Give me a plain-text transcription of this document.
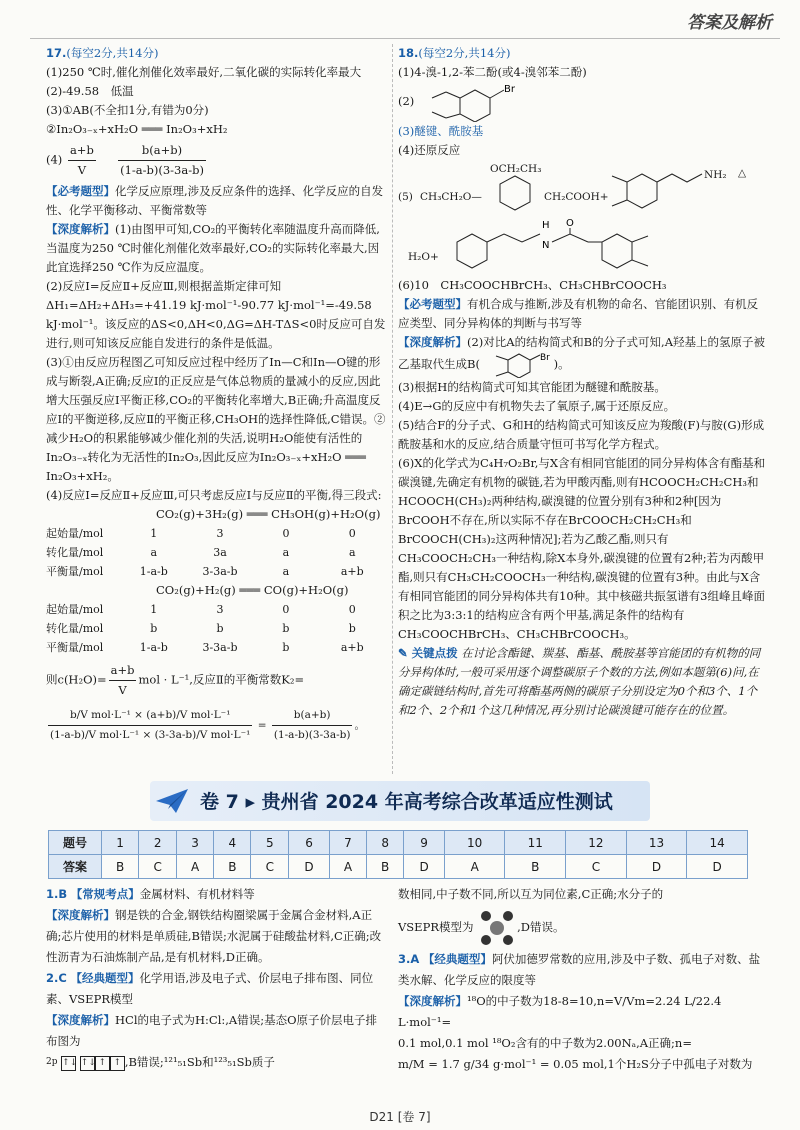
答案及解析

17.(每空2分,共14分)

(1)250 ℃时,催化剂催化效率最好,二氧化碳的实际转化率最大

(2)-49.58　低温

(3)①AB(不全扣1分,有错为0分)

②In₂O₃₋ₓ+xH₂O ═══ In₂O₃+xH₂

$(4) \frac{a+b}{V}$
$\frac{b(a+b)}{(1-a-b)(3-3a-b)}$

【必考题型】化学反应原理,涉及反应条件的选择、化学反应的自发性、化学平衡移动、平衡常数等

【深度解析】(1)由图甲可知,CO₂的平衡转化率随温度升高而降低,当温度为250 ℃时催化剂催化效率最好,CO₂的实际转化率最大,因此宜选择250 ℃作为反应温度。

(2)反应Ⅰ=反应Ⅱ+反应Ⅲ,则根据盖斯定律可知ΔH₁=ΔH₂+ΔH₃=+41.19 kJ·mol⁻¹-90.77 kJ·mol⁻¹=-49.58 kJ·mol⁻¹。该反应的ΔS<0,ΔH<0,ΔG=ΔH-TΔS<0时反应可自发进行,则可知该反应能自发进行的条件是低温。

(3)①由反应历程图乙可知反应过程中经历了In—C和In—O键的形成与断裂,A正确;反应Ⅰ的正反应是气体总物质的量减小的反应,因此增大压强反应Ⅰ平衡正移,CO₂的平衡转化率增大,B正确;升高温度反应Ⅰ的平衡逆移,反应Ⅱ的平衡正移,CH₃OH的选择性降低,C错误。②减少H₂O的积累能够减少催化剂的失活,说明H₂O能使有活性的In₂O₃₋ₓ转化为无活性的In₂O₃,因此反应为In₂O₃₋ₓ+xH₂O ═══ In₂O₃+xH₂。

(4)反应Ⅰ=反应Ⅱ+反应Ⅲ,可只考虑反应Ⅰ与反应Ⅱ的平衡,得三段式:

CO₂(g)+3H₂(g) ═══ CH₃OH(g)+H₂O(g)

起始量/mol	1	3	0	0
转化量/mol	a	3a	a	a
平衡量/mol	1-a-b	3-3a-b	a	a+b

CO₂(g)+H₂(g) ═══ CO(g)+H₂O(g)

起始量/mol	1	3	0	0
转化量/mol	b	b	b	b
平衡量/mol	1-a-b	3-3a-b	b	a+b

则$c(H_2O)= \frac{a+b}{V}$ mol · L⁻¹,反应Ⅱ的平衡常数K₂=

$\frac{\text{b/V mol·L⁻¹ × (a+b)/V mol·L⁻¹}}{\text{(1-a-b)/V mol·L⁻¹ × (3-3a-b)/V mol·L⁻¹}} = \frac{b(a+b)}{(1-a-b)(3-3a-b)}$ 。

18.(每空2分,共14分)

(1)4-溴-1,2-苯二酚(或4-溴邻苯二酚)

(2)
Br

(3)醚键、酰胺基

(4)还原反应

(5)
OCH₂CH₃
CH₃CH₂O—	CH₂COOH+
NH₂ △
H₂O+
N
H O

(6)10　CH₃COOCHBrCH₃、CH₃CHBrCOOCH₃

【必考题型】有机合成与推断,涉及有机物的命名、官能团识别、有机反应类型、同分异构体的判断与书写等

【深度解析】(2)对比A的结构简式和B的分子式可知,A羟基上的氢原子被乙基取代生成B(	Br )。

(3)根据H的结构简式可知其官能团为醚键和酰胺基。

(4)E→G的反应中有机物失去了氧原子,属于还原反应。

(5)结合F的分子式、G和H的结构简式可知该反应为羧酸(F)与胺(G)形成酰胺基和水的反应,结合质量守恒可书写化学方程式。

(6)X的化学式为C₄H₇O₂Br,与X含有相同官能团的同分异构体含有酯基和碳溴键,先确定有机物的碳链,若为甲酸丙酯,则有HCOOCH₂CH₂CH₃和HCOOCH(CH₃)₂两种结构,碳溴键的位置分别有3种和2种[因为BrCOOH不存在,所以实际不存在BrCOOCH₂CH₂CH₃和BrCOOCH(CH₃)₂这两种情况];若为乙酸乙酯,则只有CH₃COOCH₂CH₃一种结构,除X本身外,碳溴键的位置有2种;若为丙酸甲酯,则只有CH₃CH₂COOCH₃一种结构,碳溴键的位置有3种。由此与X含有相同官能团的同分异构体共有10种。其中核磁共振氢谱有3组峰且峰面积之比为3:3:1的结构应含有两个甲基,满足条件的结构有CH₃COOCHBrCH₃、CH₃CHBrCOOCH₃。

✎ 关键点拨 在讨论含酯键、羰基、酯基、酰胺基等官能团的有机物的同分异构体时,一般可采用逐个调整碳原子个数的方法,例如本题第(6)问,在确定碳链结构时,首先可将酯基两侧的碳原子分别设定为0个和3个、1个和2个、2个和1个这几种情况,再分别讨论碳溴键可能存在的位置。

卷 7 ▸ 贵州省 2024 年高考综合改革适应性测试
题号	1	2	3	4	5	6	7	8	9	10	11	12	13	14
答案	B	C	A	B	C	D	A	B	D	A	B	C	D	D

1.B 【常规考点】金属材料、有机材料等

【深度解析】钢是铁的合金,钢铁结构圈梁属于金属合金材料,A正确;芯片使用的材料是单质硅,B错误;水泥属于硅酸盐材料,C正确;改性沥青为石油炼制产品,是有机材料,D正确。

2.C 【经典题型】化学用语,涉及电子式、价层电子排布图、同位素、VSEPR模型

【深度解析】HCl的电子式为H:Cl:,A错误;基态O原子价层电子排布图为

$^{2p}$ ↑↓ ↑↓ ↑ ↑ ,B错误;¹²¹₅₁Sb和¹²³₅₁Sb质子

数相同,中子数不同,所以互为同位素,C正确;水分子的

VSEPR模型为	,D错误。

3.A 【经典题型】阿伏加德罗常数的应用,涉及中子数、孤电子对数、盐类水解、化学反应的限度等

【深度解析】¹⁸O的中子数为18-8=10,n=V/Vm=2.24 L/22.4 L·mol⁻¹=

0.1 mol,0.1 mol ¹⁸O₂含有的中子数为2.00Nₐ,A正确;n=

m/M = 1.7 g/34 g·mol⁻¹ = 0.05 mol,1个H₂S分子中孤电子对数为

D21 [卷 7]
